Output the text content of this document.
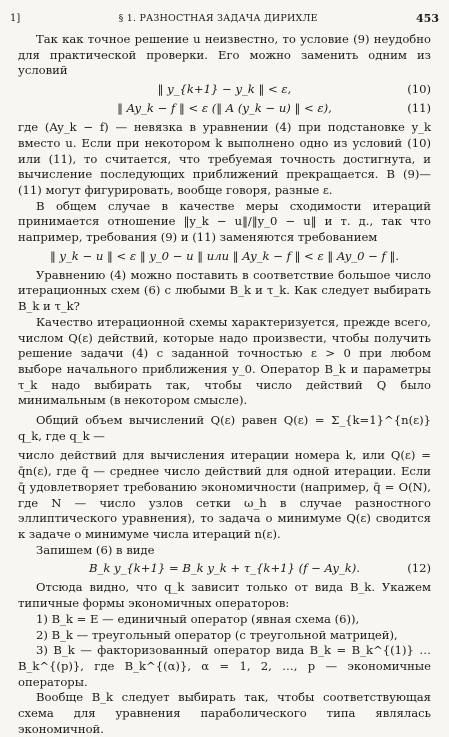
1]	§ 1. РАЗНОСТНАЯ ЗАДАЧА ДИРИХЛЕ	453

Так как точное решение u неизвестно, то условие (9) неудобно для практической проверки. Его можно заменить одним из условий

‖ y_{k+1} − y_k ‖ < ε,	(10)
‖ Ay_k − f ‖ < ε (‖ A (y_k − u) ‖ < ε),	(11)

где (Ay_k − f) — невязка в уравнении (4) при подстановке y_k вместо u. Если при некотором k выполнено одно из условий (10) или (11), то считается, что требуемая точность достигнута, и вычисление последующих приближений прекращается. В (9)—(11) могут фигурировать, вообще говоря, разные ε.

В общем случае в качестве меры сходимости итераций принимается отношение ‖y_k − u‖/‖y_0 − u‖ и т. д., так что например, требования (9) и (11) заменяются требованием

‖ y_k − u ‖ < ε ‖ y_0 − u ‖ или ‖ Ay_k − f ‖ < ε ‖ Ay_0 − f ‖.

Уравнению (4) можно поставить в соответствие большое число итерационных схем (6) с любыми B_k и τ_k. Как следует выбирать B_k и τ_k?

Качество итерационной схемы характеризуется, прежде всего, числом Q(ε) действий, которые надо произвести, чтобы получить решение задачи (4) с заданной точностью ε > 0 при любом выборе начального приближения y_0. Оператор B_k и параметры τ_k надо выбирать так, чтобы число действий Q было минимальным (в некотором смысле).

Общий объем вычислений Q(ε) равен Q(ε) = Σ_{k=1}^{n(ε)} q_k, где q_k —

число действий для вычисления итерации номера k, или Q(ε) = q̄n(ε), где q̄ — среднее число действий для одной итерации. Если q̄ удовлетворяет требованию экономичности (например, q̄ = O(N), где N — число узлов сетки ω_h в случае разностного эллиптического уравнения), то задача о минимуме Q(ε) сводится к задаче о минимуме числа итераций n(ε).

Запишем (6) в виде

B_k y_{k+1} = B_k y_k + τ_{k+1} (f − Ay_k).	(12)

Отсюда видно, что q_k зависит только от вида B_k. Укажем типичные формы экономичных операторов:

1) B_k = E — единичный оператор (явная схема (6)),
2) B_k — треугольный оператор (с треугольной матрицей),
3) B_k — факторизованный оператор вида B_k = B_k^{(1)} … B_k^{(p)}, где B_k^{(α)}, α = 1, 2, …, p — экономичные операторы.

Вообще B_k следует выбирать так, чтобы соответствующая схема для уравнения параболического типа являлась экономичной.
